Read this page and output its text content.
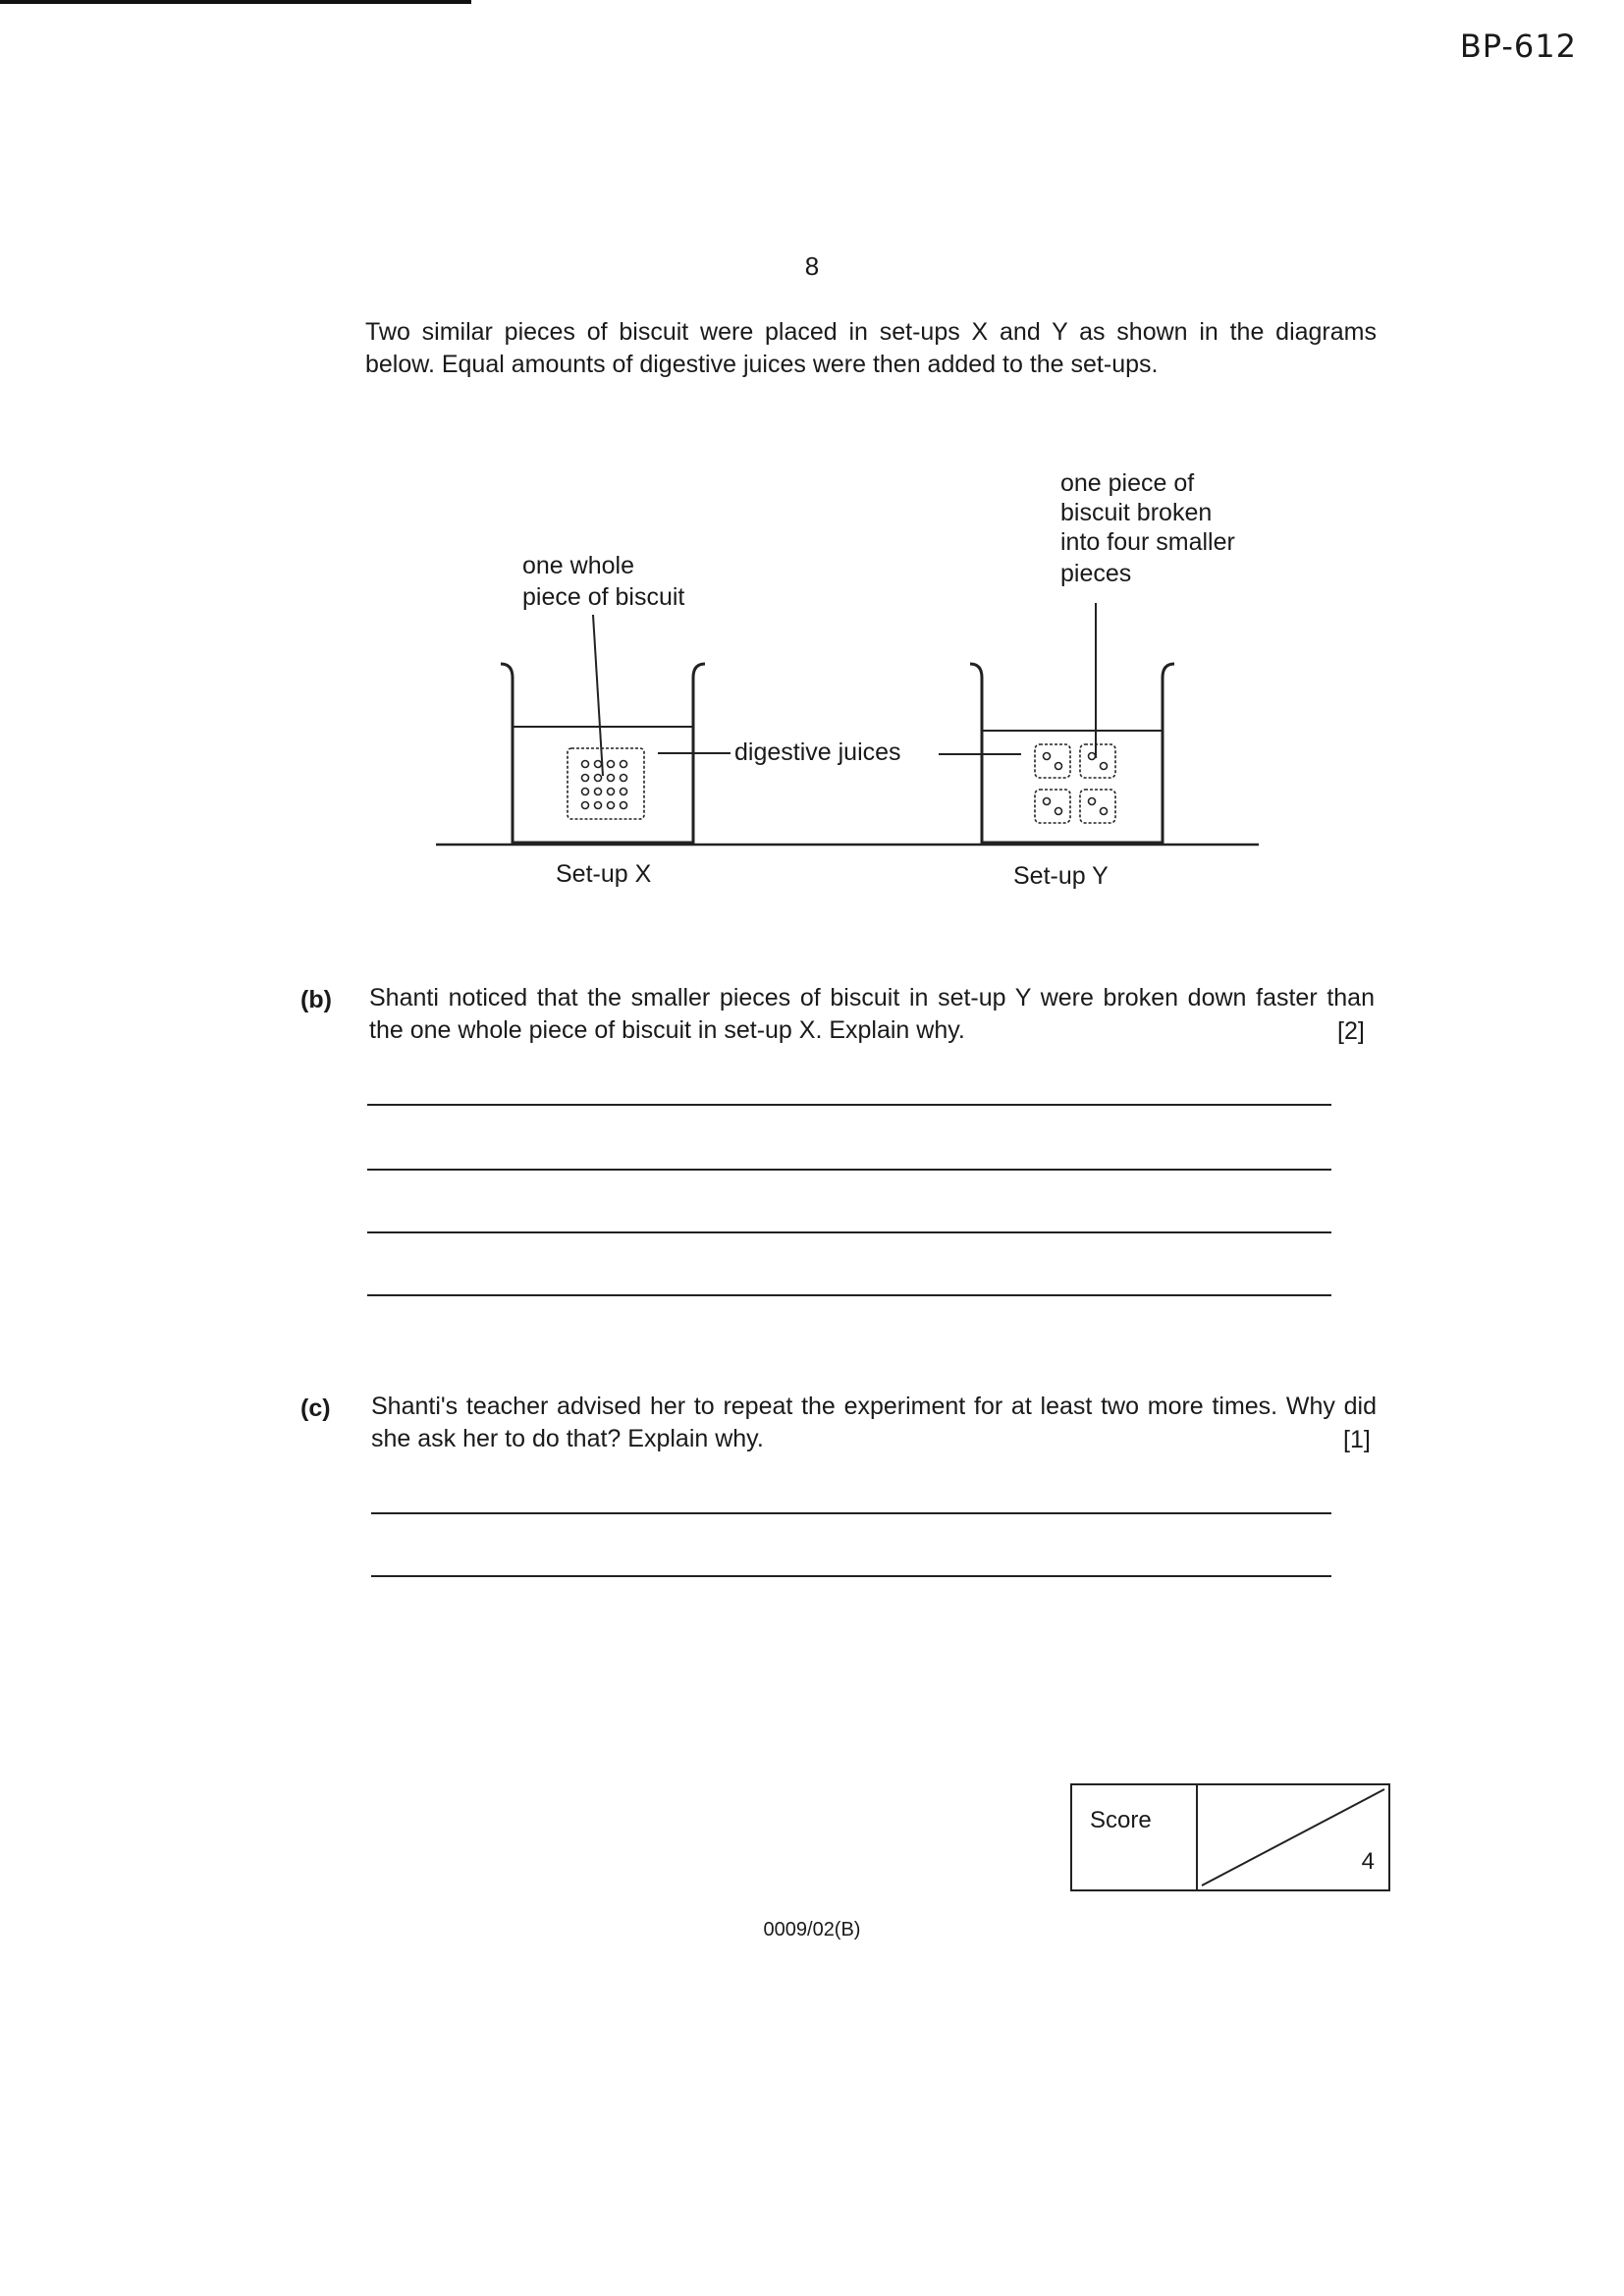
BP-612
8

Two similar pieces of biscuit were placed in set-ups X and Y as shown in the diagrams below. Equal amounts of digestive juices were then added to the set-ups.

one whole
piece of biscuit
one piece of
biscuit broken
into four smaller
pieces
digestive juices
Set-up X	Set-up Y
(b) Shanti noticed that the smaller pieces of biscuit in set-up Y were broken down faster than the one whole piece of biscuit in set-up X. Explain why.	[2]
(c) Shanti's teacher advised her to repeat the experiment for at least two more times. Why did she ask her to do that? Explain why.	[1]
Score
4
0009/02(B)
